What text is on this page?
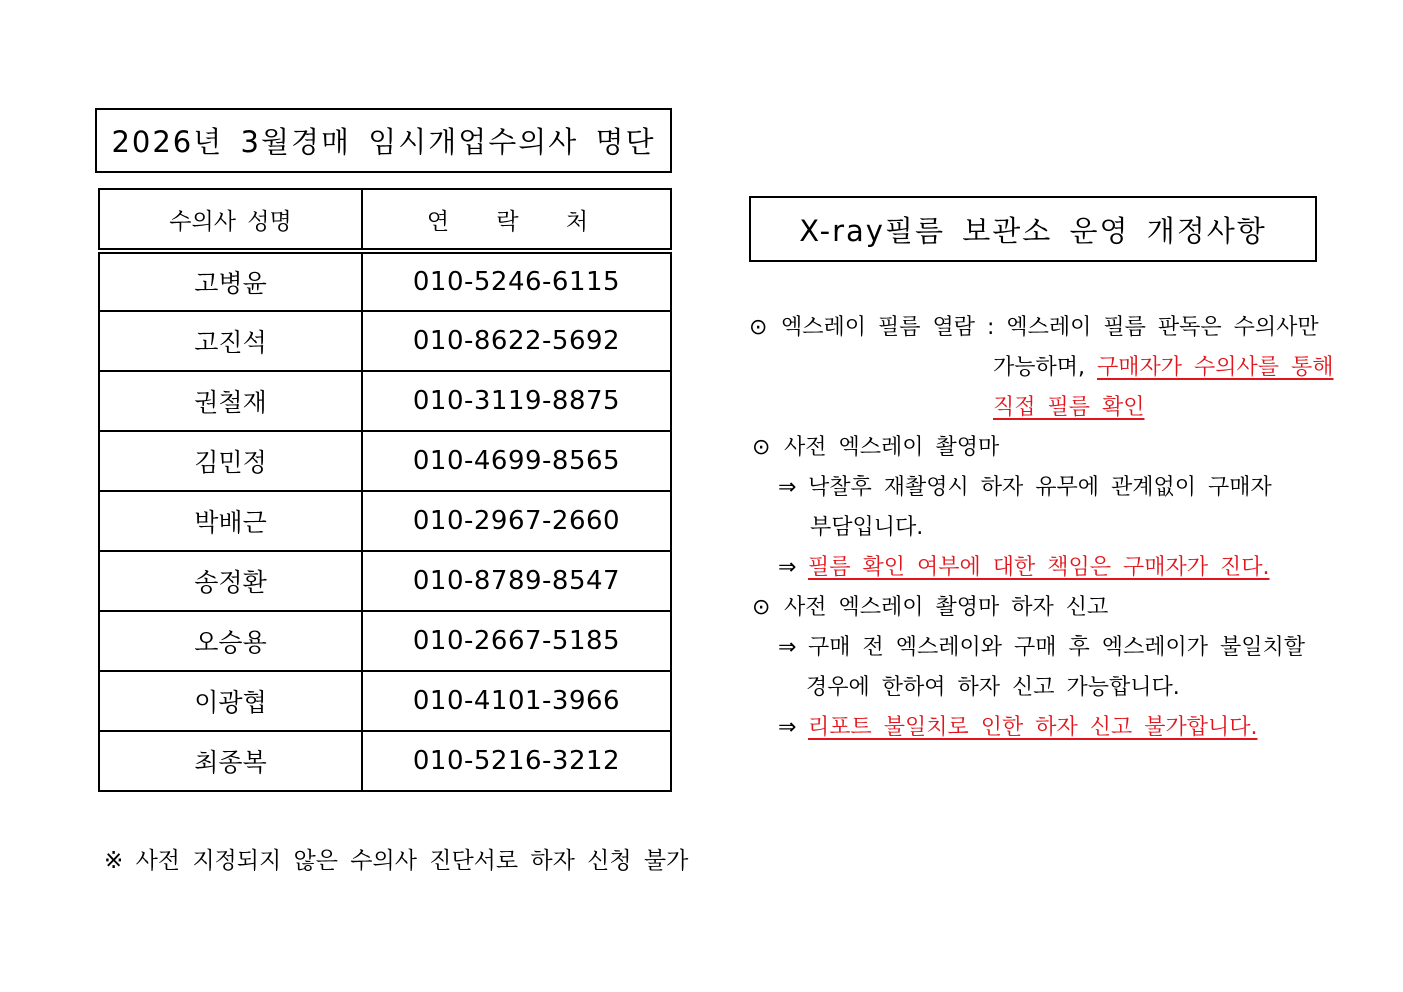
2026년 3월경매 임시개업수의사 명단
수의사 성명	연 락 처
고병윤	010-5246-6115
고진석	010-8622-5692
권철재	010-3119-8875
김민정	010-4699-8565
박배근	010-2967-2660
송정환	010-8789-8547
오승용	010-2667-5185
이광협	010-4101-3966
최종복	010-5216-3212
※ 사전 지정되지 않은 수의사 진단서로 하자 신청 불가
X-ray필름 보관소 운영 개정사항
⊙ 엑스레이 필름 열람 : 엑스레이 필름 판독은 수의사만
가능하며, 구매자가 수의사를 통해
직접 필름 확인
⊙ 사전 엑스레이 촬영마
⇒ 낙찰후 재촬영시 하자 유무에 관계없이 구매자
부담입니다.
⇒ 필름 확인 여부에 대한 책임은 구매자가 진다.
⊙ 사전 엑스레이 촬영마 하자 신고
⇒ 구매 전 엑스레이와 구매 후 엑스레이가 불일치할
경우에 한하여 하자 신고 가능합니다.
⇒ 리포트 불일치로 인한 하자 신고 불가합니다.
